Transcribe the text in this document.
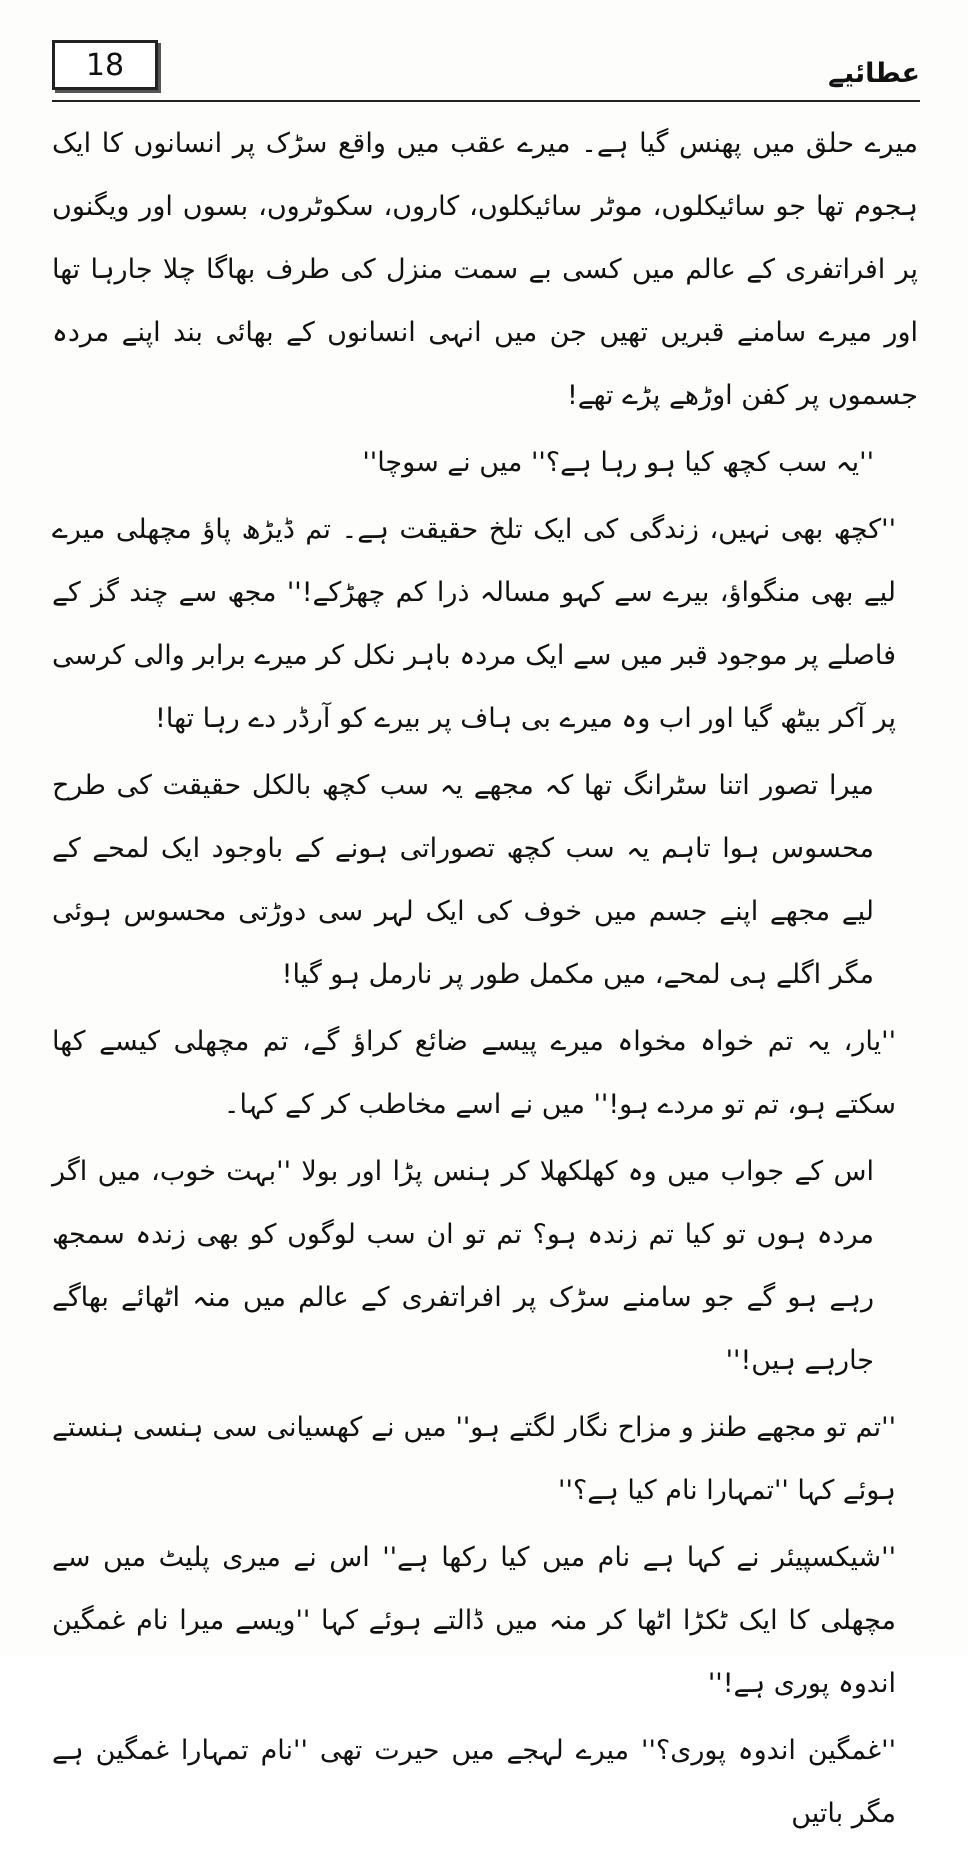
18	عطائیے

میرے حلق میں پھنس گیا ہے۔ میرے عقب میں واقع سڑک پر انسانوں کا ایک ہجوم تھا جو سائیکلوں، موٹر سائیکلوں، کاروں، سکوٹروں، بسوں اور ویگنوں پر افراتفری کے عالم میں کسی بے سمت منزل کی طرف بھاگا چلا جارہا تھا اور میرے سامنے قبریں تھیں جن میں انہی انسانوں کے بھائی بند اپنے مردہ جسموں پر کفن اوڑھے پڑے تھے!

''یہ سب کچھ کیا ہو رہا ہے؟'' میں نے سوچا''

''کچھ بھی نہیں، زندگی کی ایک تلخ حقیقت ہے۔ تم ڈیڑھ پاؤ مچھلی میرے لیے بھی منگواؤ، بیرے سے کہو مسالہ ذرا کم چھڑکے!'' مجھ سے چند گز کے فاصلے پر موجود قبر میں سے ایک مردہ باہر نکل کر میرے برابر والی کرسی پر آکر بیٹھ گیا اور اب وہ میرے بی ہاف پر بیرے کو آرڈر دے رہا تھا!

میرا تصور اتنا سٹرانگ تھا کہ مجھے یہ سب کچھ بالکل حقیقت کی طرح محسوس ہوا تاہم یہ سب کچھ تصوراتی ہونے کے باوجود ایک لمحے کے لیے مجھے اپنے جسم میں خوف کی ایک لہر سی دوڑتی محسوس ہوئی مگر اگلے ہی لمحے، میں مکمل طور پر نارمل ہو گیا!

''یار، یہ تم خواہ مخواہ میرے پیسے ضائع کراؤ گے، تم مچھلی کیسے کھا سکتے ہو، تم تو مردے ہو!'' میں نے اسے مخاطب کر کے کہا۔

اس کے جواب میں وہ کھلکھلا کر ہنس پڑا اور بولا ''بہت خوب، میں اگر مردہ ہوں تو کیا تم زندہ ہو؟ تم تو ان سب لوگوں کو بھی زندہ سمجھ رہے ہو گے جو سامنے سڑک پر افراتفری کے عالم میں منہ اٹھائے بھاگے جارہے ہیں!''

''تم تو مجھے طنز و مزاح نگار لگتے ہو'' میں نے کھسیانی سی ہنسی ہنستے ہوئے کہا ''تمہارا نام کیا ہے؟''

''شیکسپیئر نے کہا ہے نام میں کیا رکھا ہے'' اس نے میری پلیٹ میں سے مچھلی کا ایک ٹکڑا اٹھا کر منہ میں ڈالتے ہوئے کہا ''ویسے میرا نام غمگین اندوہ پوری ہے!''

''غمگین اندوہ پوری؟'' میرے لہجے میں حیرت تھی ''نام تمہارا غمگین ہے مگر باتیں
